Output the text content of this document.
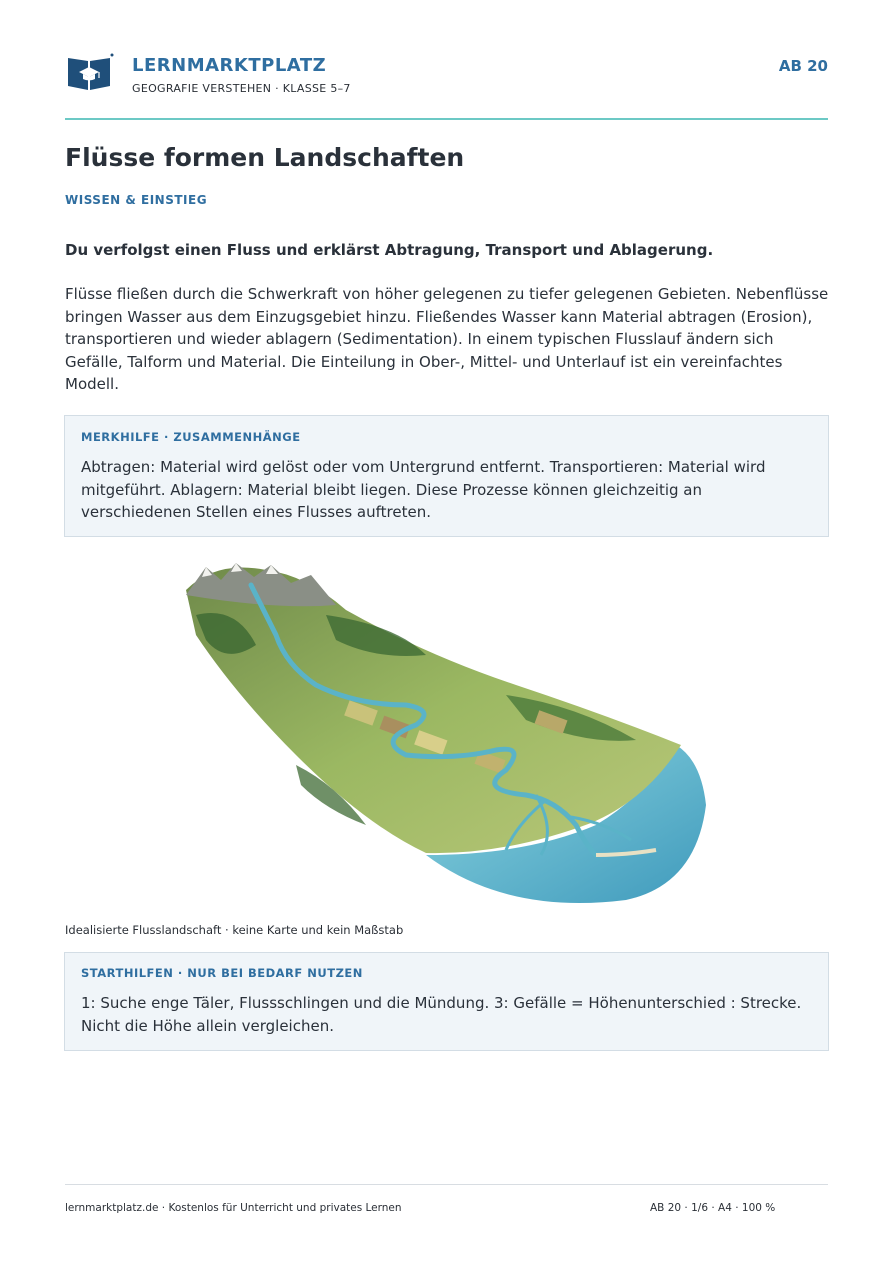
LERNMARKTPLATZ
GEOGRAFIE VERSTEHEN · KLASSE 5–7
AB 20
Flüsse formen Landschaften
WISSEN & EINSTIEG
Du verfolgst einen Fluss und erklärst Abtragung, Transport und Ablagerung.
Flüsse fließen durch die Schwerkraft von höher gelegenen zu tiefer gelegenen Gebieten. Nebenflüsse bringen Wasser aus dem Einzugsgebiet hinzu. Fließendes Wasser kann Material abtragen (Erosion), transportieren und wieder ablagern (Sedimentation). In einem typischen Flusslauf ändern sich Gefälle, Talform und Material. Die Einteilung in Ober-, Mittel- und Unterlauf ist ein vereinfachtes Modell.
MERKHILFE · ZUSAMMENHÄNGE
Abtragen: Material wird gelöst oder vom Untergrund entfernt. Transportieren: Material wird mitgeführt. Ablagern: Material bleibt liegen. Diese Prozesse können gleichzeitig an verschiedenen Stellen eines Flusses auftreten.
Idealisierte Flusslandschaft · keine Karte und kein Maßstab
STARTHILFEN · NUR BEI BEDARF NUTZEN
1: Suche enge Täler, Flussschlingen und die Mündung. 3: Gefälle = Höhenunterschied : Strecke. Nicht die Höhe allein vergleichen.
lernmarktplatz.de · Kostenlos für Unterricht und privates Lernen	AB 20 · 1/6 · A4 · 100 %
